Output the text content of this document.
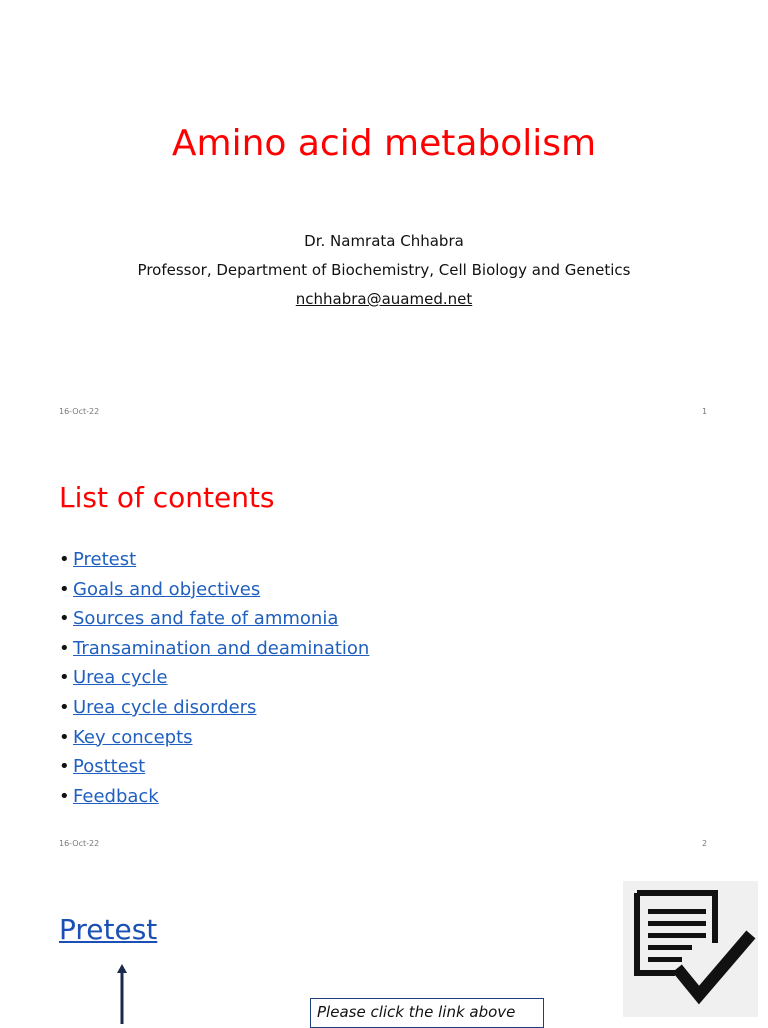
Amino acid metabolism
Dr. Namrata Chhabra
Professor, Department of Biochemistry, Cell Biology and Genetics
nchhabra@auamed.net
16-Oct-22	1
List of contents
• Pretest
• Goals and objectives
• Sources and fate of ammonia
• Transamination and deamination
• Urea cycle
• Urea cycle disorders
• Key concepts
• Posttest
• Feedback
16-Oct-22	2
Pretest
Please click the link above
